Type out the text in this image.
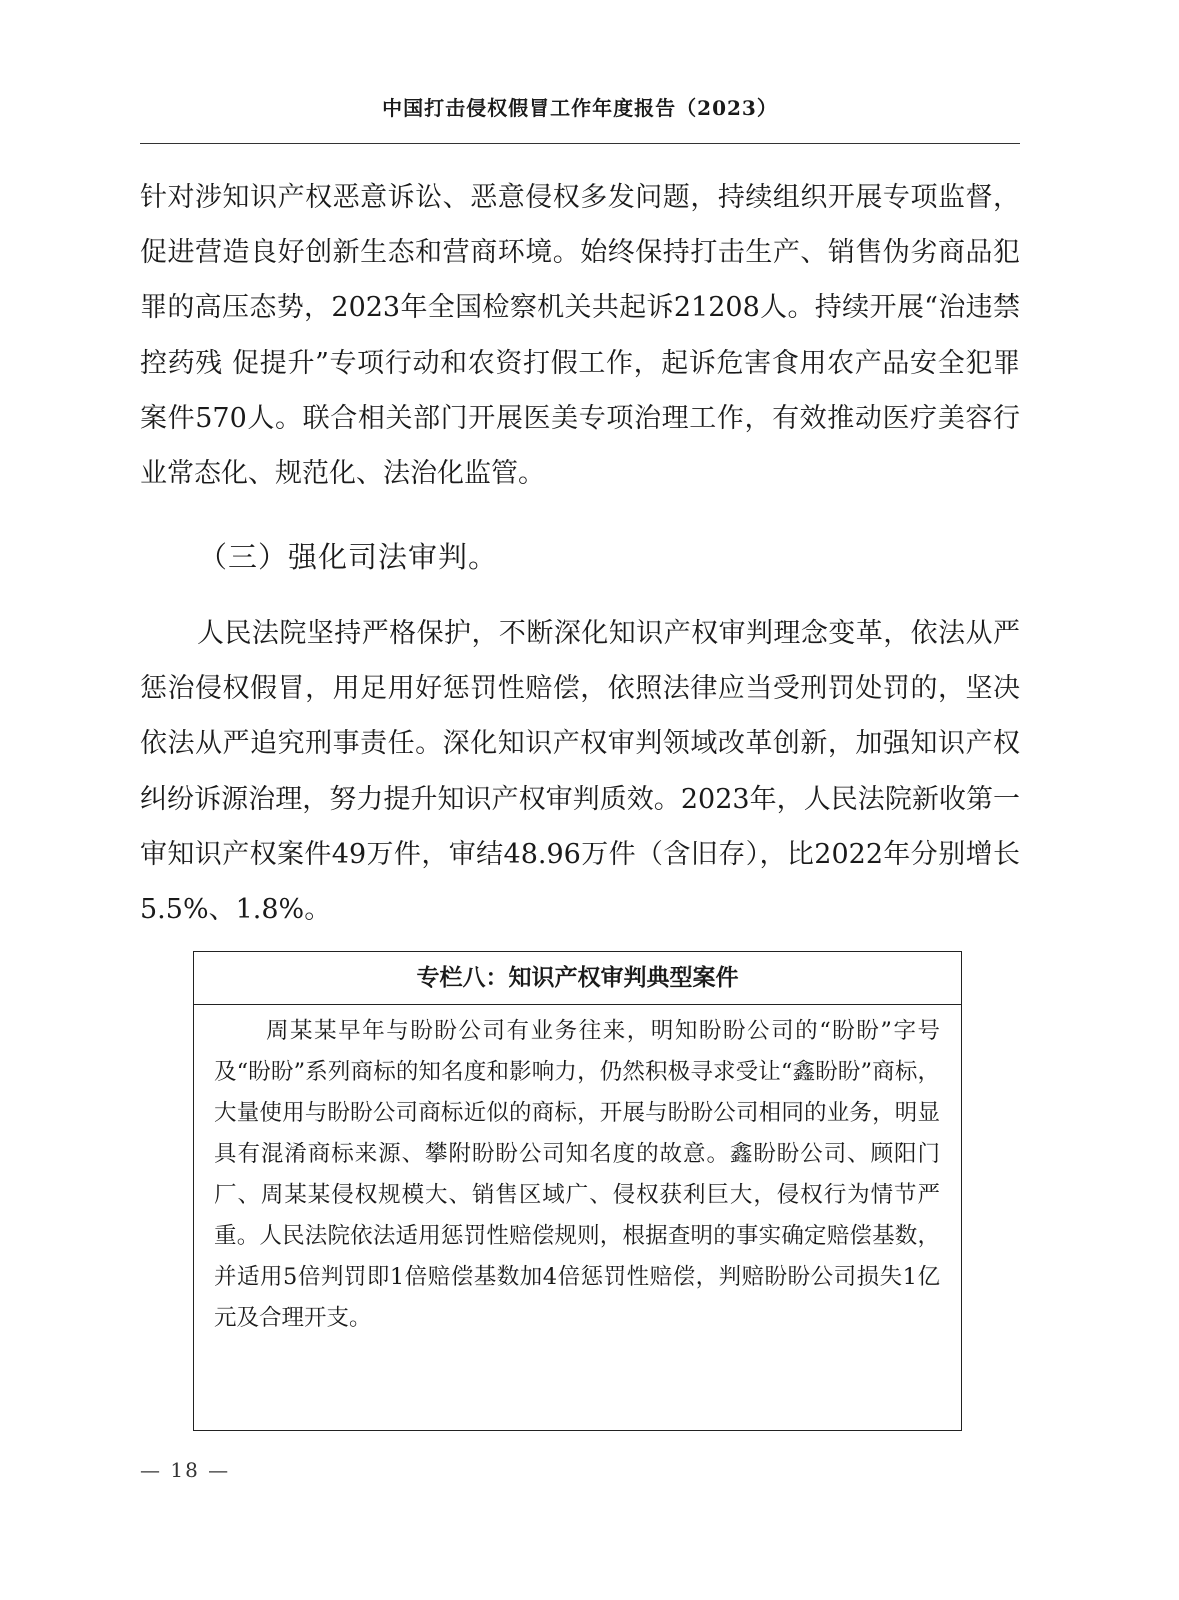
中国打击侵权假冒工作年度报告（2023）

针对涉知识产权恶意诉讼、恶意侵权多发问题，持续组织开展专项监督，促进营造良好创新生态和营商环境。始终保持打击生产、销售伪劣商品犯罪的高压态势，2023年全国检察机关共起诉21208人。持续开展“治违禁 控药残 促提升”专项行动和农资打假工作，起诉危害食用农产品安全犯罪案件570人。联合相关部门开展医美专项治理工作，有效推动医疗美容行业常态化、规范化、法治化监管。

（三）强化司法审判。

人民法院坚持严格保护，不断深化知识产权审判理念变革，依法从严惩治侵权假冒，用足用好惩罚性赔偿，依照法律应当受刑罚处罚的，坚决依法从严追究刑事责任。深化知识产权审判领域改革创新，加强知识产权纠纷诉源治理，努力提升知识产权审判质效。2023年，人民法院新收第一审知识产权案件49万件，审结48.96万件（含旧存），比2022年分别增长5.5%、1.8%。

专栏八：知识产权审判典型案件
周某某早年与盼盼公司有业务往来，明知盼盼公司的“盼盼”字号及“盼盼”系列商标的知名度和影响力，仍然积极寻求受让“鑫盼盼”商标，大量使用与盼盼公司商标近似的商标，开展与盼盼公司相同的业务，明显具有混淆商标来源、攀附盼盼公司知名度的故意。鑫盼盼公司、顾阳门厂、周某某侵权规模大、销售区域广、侵权获利巨大，侵权行为情节严重。人民法院依法适用惩罚性赔偿规则，根据查明的事实确定赔偿基数，并适用5倍判罚即1倍赔偿基数加4倍惩罚性赔偿，判赔盼盼公司损失1亿元及合理开支。
— 18 —
